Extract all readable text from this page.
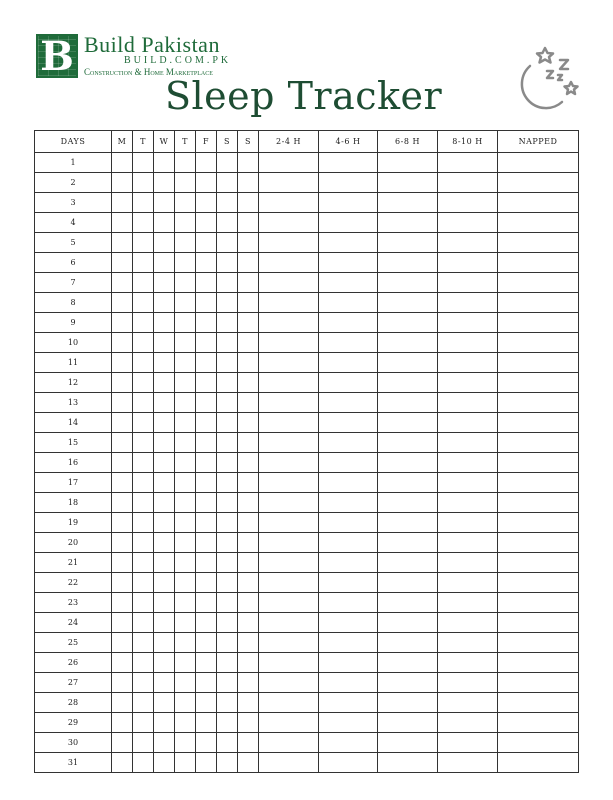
B Build Pakistan
BUILD.COM.PK
Construction & Home Marketplace
Sleep Tracker
DAYS	M	T	W	T	F	S	S	2-4 H	4-6 H	6-8 H	8-10 H	NAPPED
1												
2												
3												
4												
5												
6												
7												
8												
9												
10												
11												
12												
13												
14												
15												
16												
17												
18												
19												
20												
21												
22												
23												
24												
25												
26												
27												
28												
29												
30												
31												
